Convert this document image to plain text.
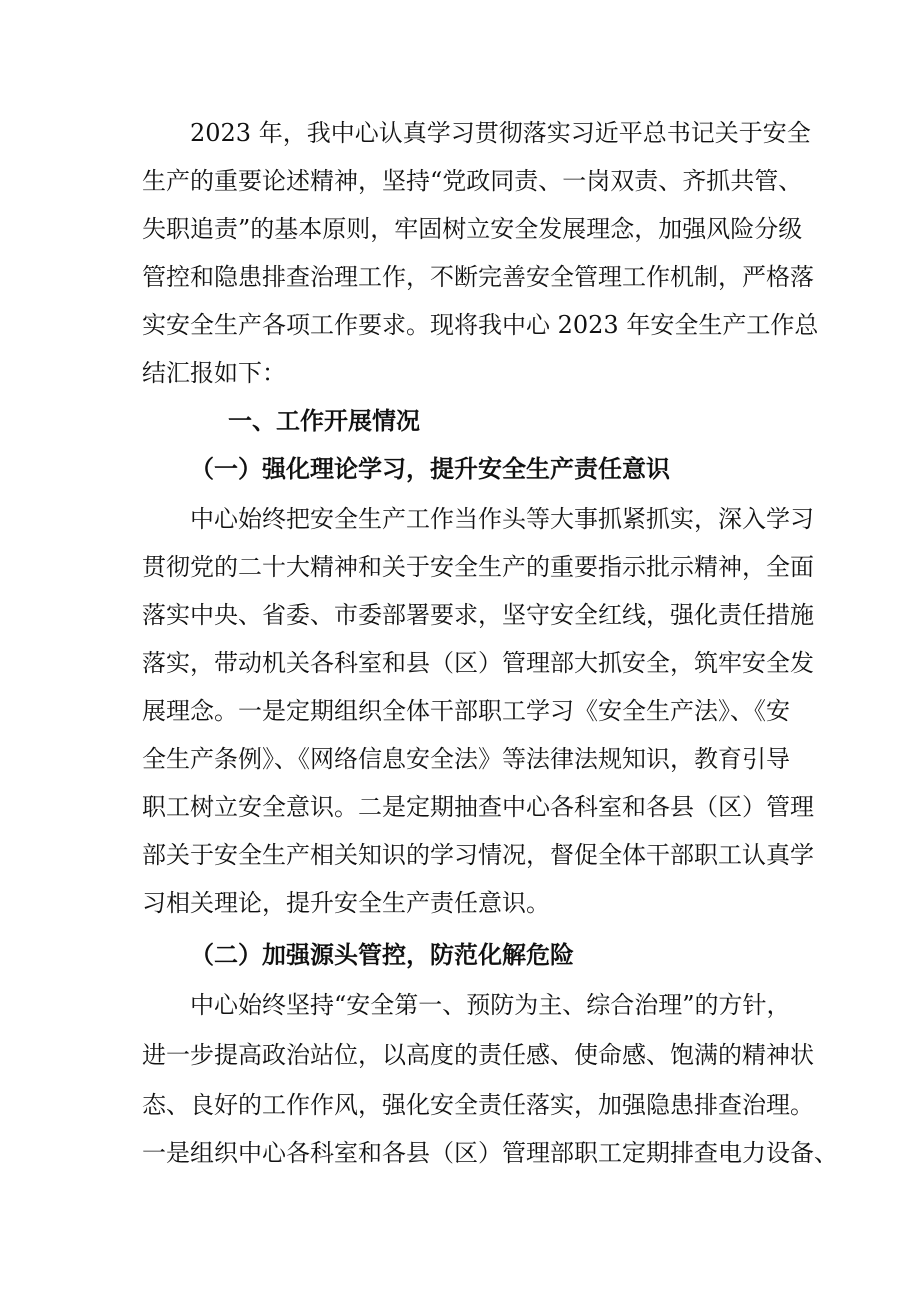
2023 年，我中心认真学习贯彻落实习近平总书记关于安全
生产的重要论述精神，坚持“党政同责、一岗双责、齐抓共管、
失职追责”的基本原则，牢固树立安全发展理念，加强风险分级
管控和隐患排查治理工作，不断完善安全管理工作机制，严格落
实安全生产各项工作要求。现将我中心 2023 年安全生产工作总
结汇报如下：
一、工作开展情况
（一）强化理论学习，提升安全生产责任意识
中心始终把安全生产工作当作头等大事抓紧抓实，深入学习
贯彻党的二十大精神和关于安全生产的重要指示批示精神，全面
落实中央、省委、市委部署要求，坚守安全红线，强化责任措施
落实，带动机关各科室和县（区）管理部大抓安全，筑牢安全发
展理念。一是定期组织全体干部职工学习《安全生产法》、《安
全生产条例》、《网络信息安全法》等法律法规知识，教育引导
职工树立安全意识。二是定期抽查中心各科室和各县（区）管理
部关于安全生产相关知识的学习情况，督促全体干部职工认真学
习相关理论，提升安全生产责任意识。
（二）加强源头管控，防范化解危险
中心始终坚持“安全第一、预防为主、综合治理”的方针，
进一步提高政治站位，以高度的责任感、使命感、饱满的精神状
态、良好的工作作风，强化安全责任落实，加强隐患排查治理。
一是组织中心各科室和各县（区）管理部职工定期排查电力设备、
